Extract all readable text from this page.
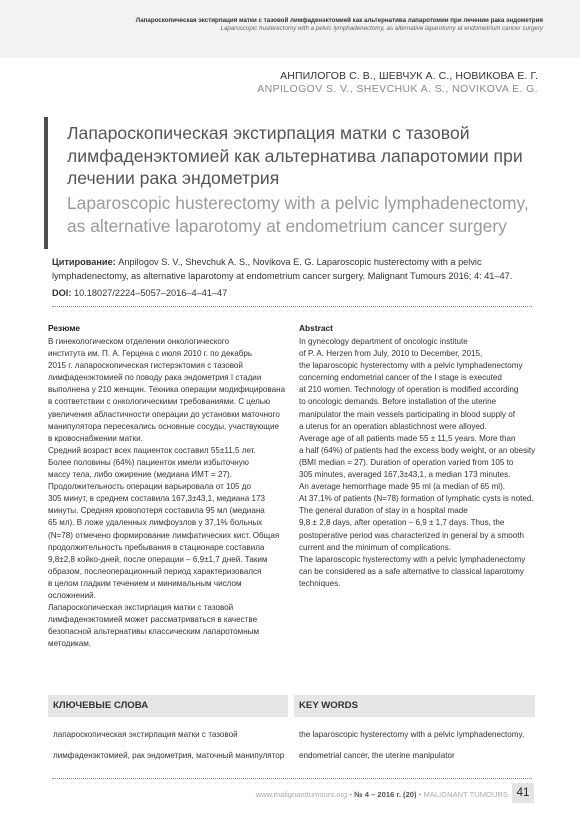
Лапароскопическая экстирпация матки с тазовой лимфаденэктомией как альтернатива лапаротомии при лечении рака эндометрия
Laparoscopic husterectomy with a pelvic lymphadenectomy, as alternative laparotomy at endometrium cancer surgery
АНПИЛОГОВ С. В., ШЕВЧУК А. С., НОВИКОВА Е. Г.
ANPILOGOV S. V., SHEVCHUK A. S., NOVIKOVA E. G.
Лапароскопическая экстирпация матки с тазовой лимфаденэктомией как альтернатива лапаротомии при лечении рака эндометрия
Laparoscopic husterectomy with a pelvic lymphadenectomy, as alternative laparotomy at endometrium cancer surgery
Цитирование: Anpilogov S. V., Shevchuk A. S., Novikova E. G. Laparoscopic husterectomy with a pelvic lymphadenectomy, as alternative laparotomy at endometrium cancer surgery. Malignant Tumours 2016; 4: 41–47.
DOI: 10.18027/2224–5057–2016–4–41–47
Резюме

В гинекологическом отделении онкологического

института им. П. А. Герцена с июля 2010 г. по декабрь

2015 г. лапароскопическая гистерэктомия с тазовой

лимфаденэктомией по поводу рака эндометрия I стадии

выполнена у 210 женщин. Техника операции модифицирована

в соответствии с онкологическими требованиями. С целью

увеличения абластичности операции до установки маточного

манипулятора пересекались основные сосуды, участвующие

в кровоснабжении матки.

Средний возраст всех пациенток составил 55±11,5 лет.

Более половины (64%) пациенток имели избыточную

массу тела, либо ожирение (медиана ИМТ = 27).

Продолжительность операции варьировала от 105 до

305 минут, в среднем составила 167,3±43,1, медиана 173

минуты. Средняя кровопотеря составила 95 мл (медиана

65 мл). В ложе удаленных лимфоузлов у 37,1% больных

(N=78) отмечено формирование лимфатических кист. Общая

продолжительность пребывания в стационаре составила

9,8±2,8 койко-дней, после операции – 6,9±1,7 дней. Таким

образом, послеоперационный период характеризовался

в целом гладким течением и минимальным числом

осложнений.

Лапароскопическая экстирпация матки с тазовой

лимфаденэктомией может рассматриваться в качестве

безопасной альтернативы классическим лапаротомным

методикам.

Abstract

In gynecology department of oncologic institute

of P. A. Herzen from July, 2010 to December, 2015,

the laparoscopic hysterectomy with a pelvic lymphadenectomy

concerning endometrial cancer of the I stage is executed

at 210 women. Technology of operation is modified according

to oncologic demands. Before installation of the uterine

manipulator the main vessels participating in blood supply of

a uterus for an operation ablastichnost were alloyed.

Average age of all patients made 55 ± 11,5 years. More than

a half (64%) of patients had the excess body weight, or an obesity

(BMI median = 27). Duration of operation varied from 105 to

305 minutes, averaged 167,3±43,1, a median 173 minutes.

An average hemorrhage made 95 ml (a median of 65 ml).

At 37,1% of patients (N=78) formation of lymphatic cysts is noted.

The general duration of stay in a hospital made

9,8 ± 2,8 days, after operation – 6,9 ± 1,7 days. Thus, the

postoperative period was characterized in general by a smooth

current and the minimum of complications.

The laparoscopic hysterectomy with a pelvic lymphadenectomy

can be considered as a safe alternative to classical laparotomy

techniques.

КЛЮЧЕВЫЕ СЛОВА	KEY WORDS

лапароскопическая экстирпация матки с тазовой

лимфаденэктомией, рак эндометрия, маточный манипулятор

the laparoscopic hysterectomy with a pelvic lymphadenectomy,

endometrial cancer, the uterine manipulator

www.malignanttumours.org • № 4 – 2016 г. (20) • MALIGNANT TUMOURS 41
